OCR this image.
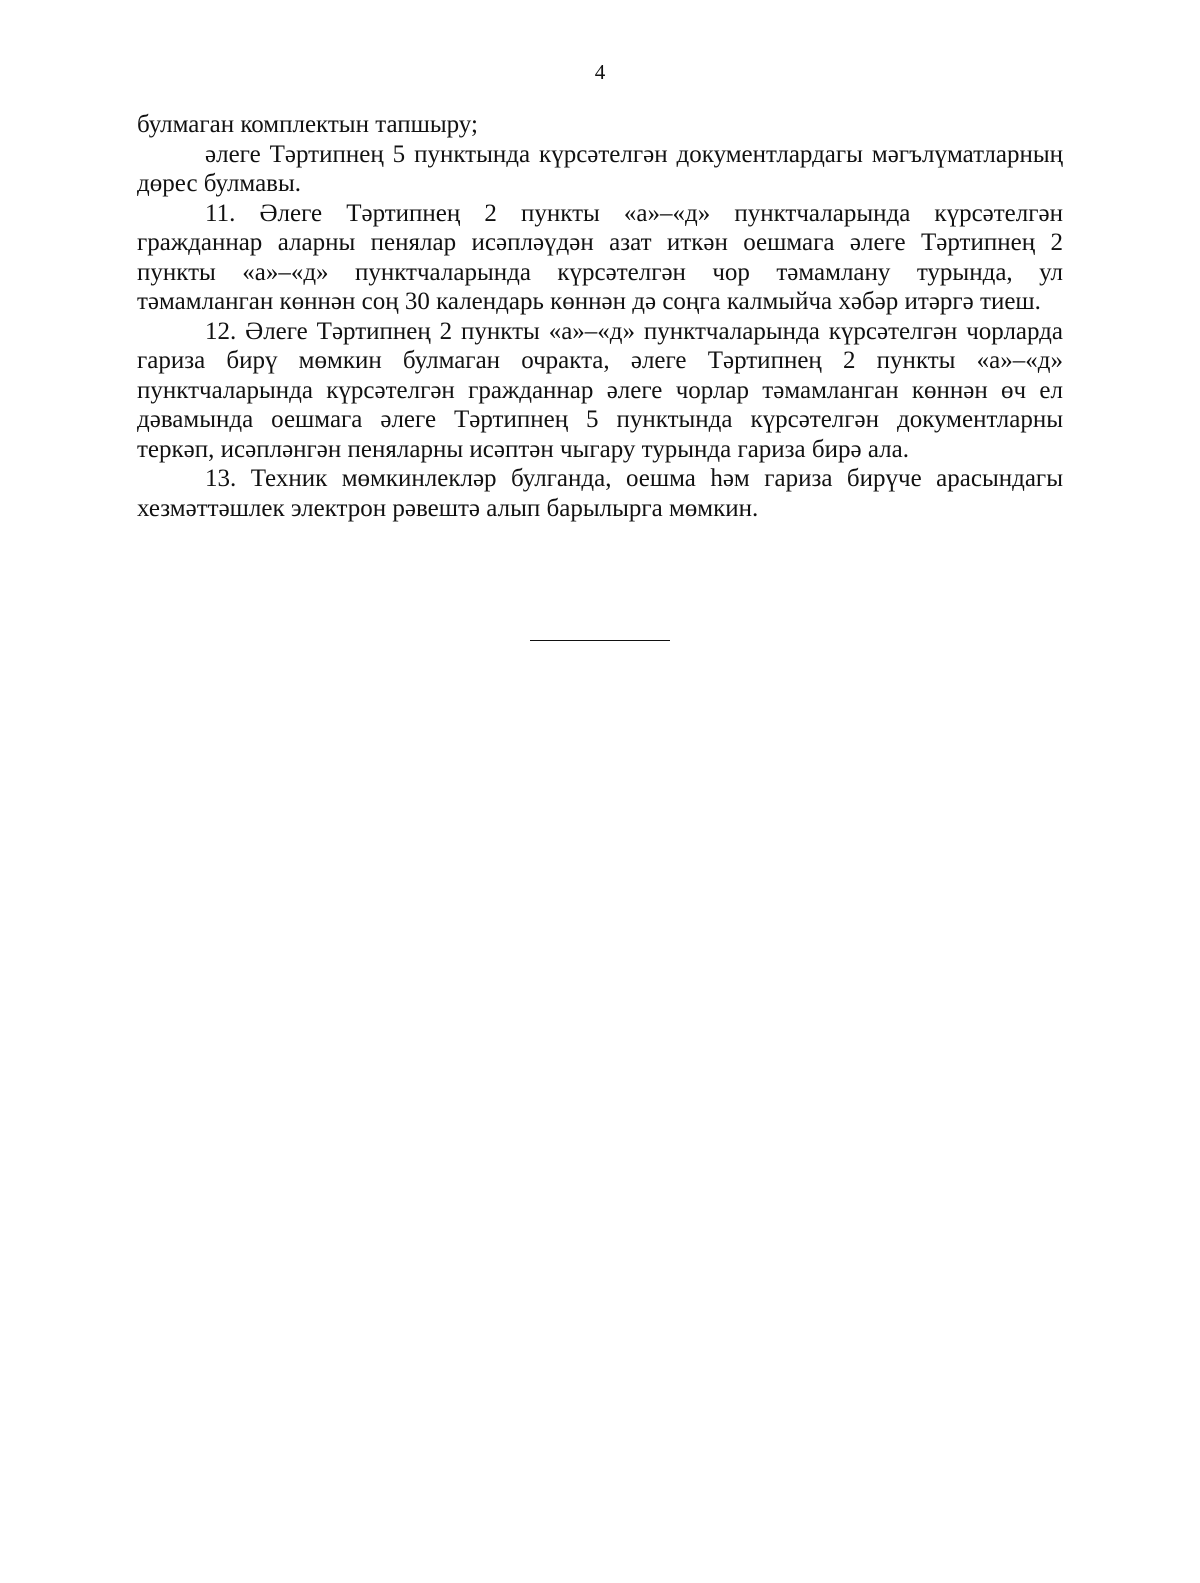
4

булмаган комплектын тапшыру;

әлеге Тәртипнең 5 пунктында күрсәтелгән документлардагы мәгълүматларның дөрес булмавы.

11. Әлеге Тәртипнең 2 пункты «а»–«д» пунктчаларында күрсәтелгән гражданнар аларны пенялар исәпләүдән азат иткән оешмага әлеге Тәртипнең 2 пункты «а»–«д» пунктчаларында күрсәтелгән чор тәмамлану турында, ул тәмамланган көннән соң 30 календарь көннән дә соңга калмыйча хәбәр итәргә тиеш.

12. Әлеге Тәртипнең 2 пункты «а»–«д» пунктчаларында күрсәтелгән чорларда гариза бирү мөмкин булмаган очракта, әлеге Тәртипнең 2 пункты «а»–«д» пунктчаларында күрсәтелгән гражданнар әлеге чорлар тәмамланган көннән өч ел дәвамында оешмага әлеге Тәртипнең 5 пунктында күрсәтелгән документларны теркәп, исәпләнгән пеняларны исәптән чыгару турында гариза бирә ала.

13. Техник мөмкинлекләр булганда, оешма һәм гариза бирүче арасындагы хезмәттәшлек электрон рәвештә алып барылырга мөмкин.
